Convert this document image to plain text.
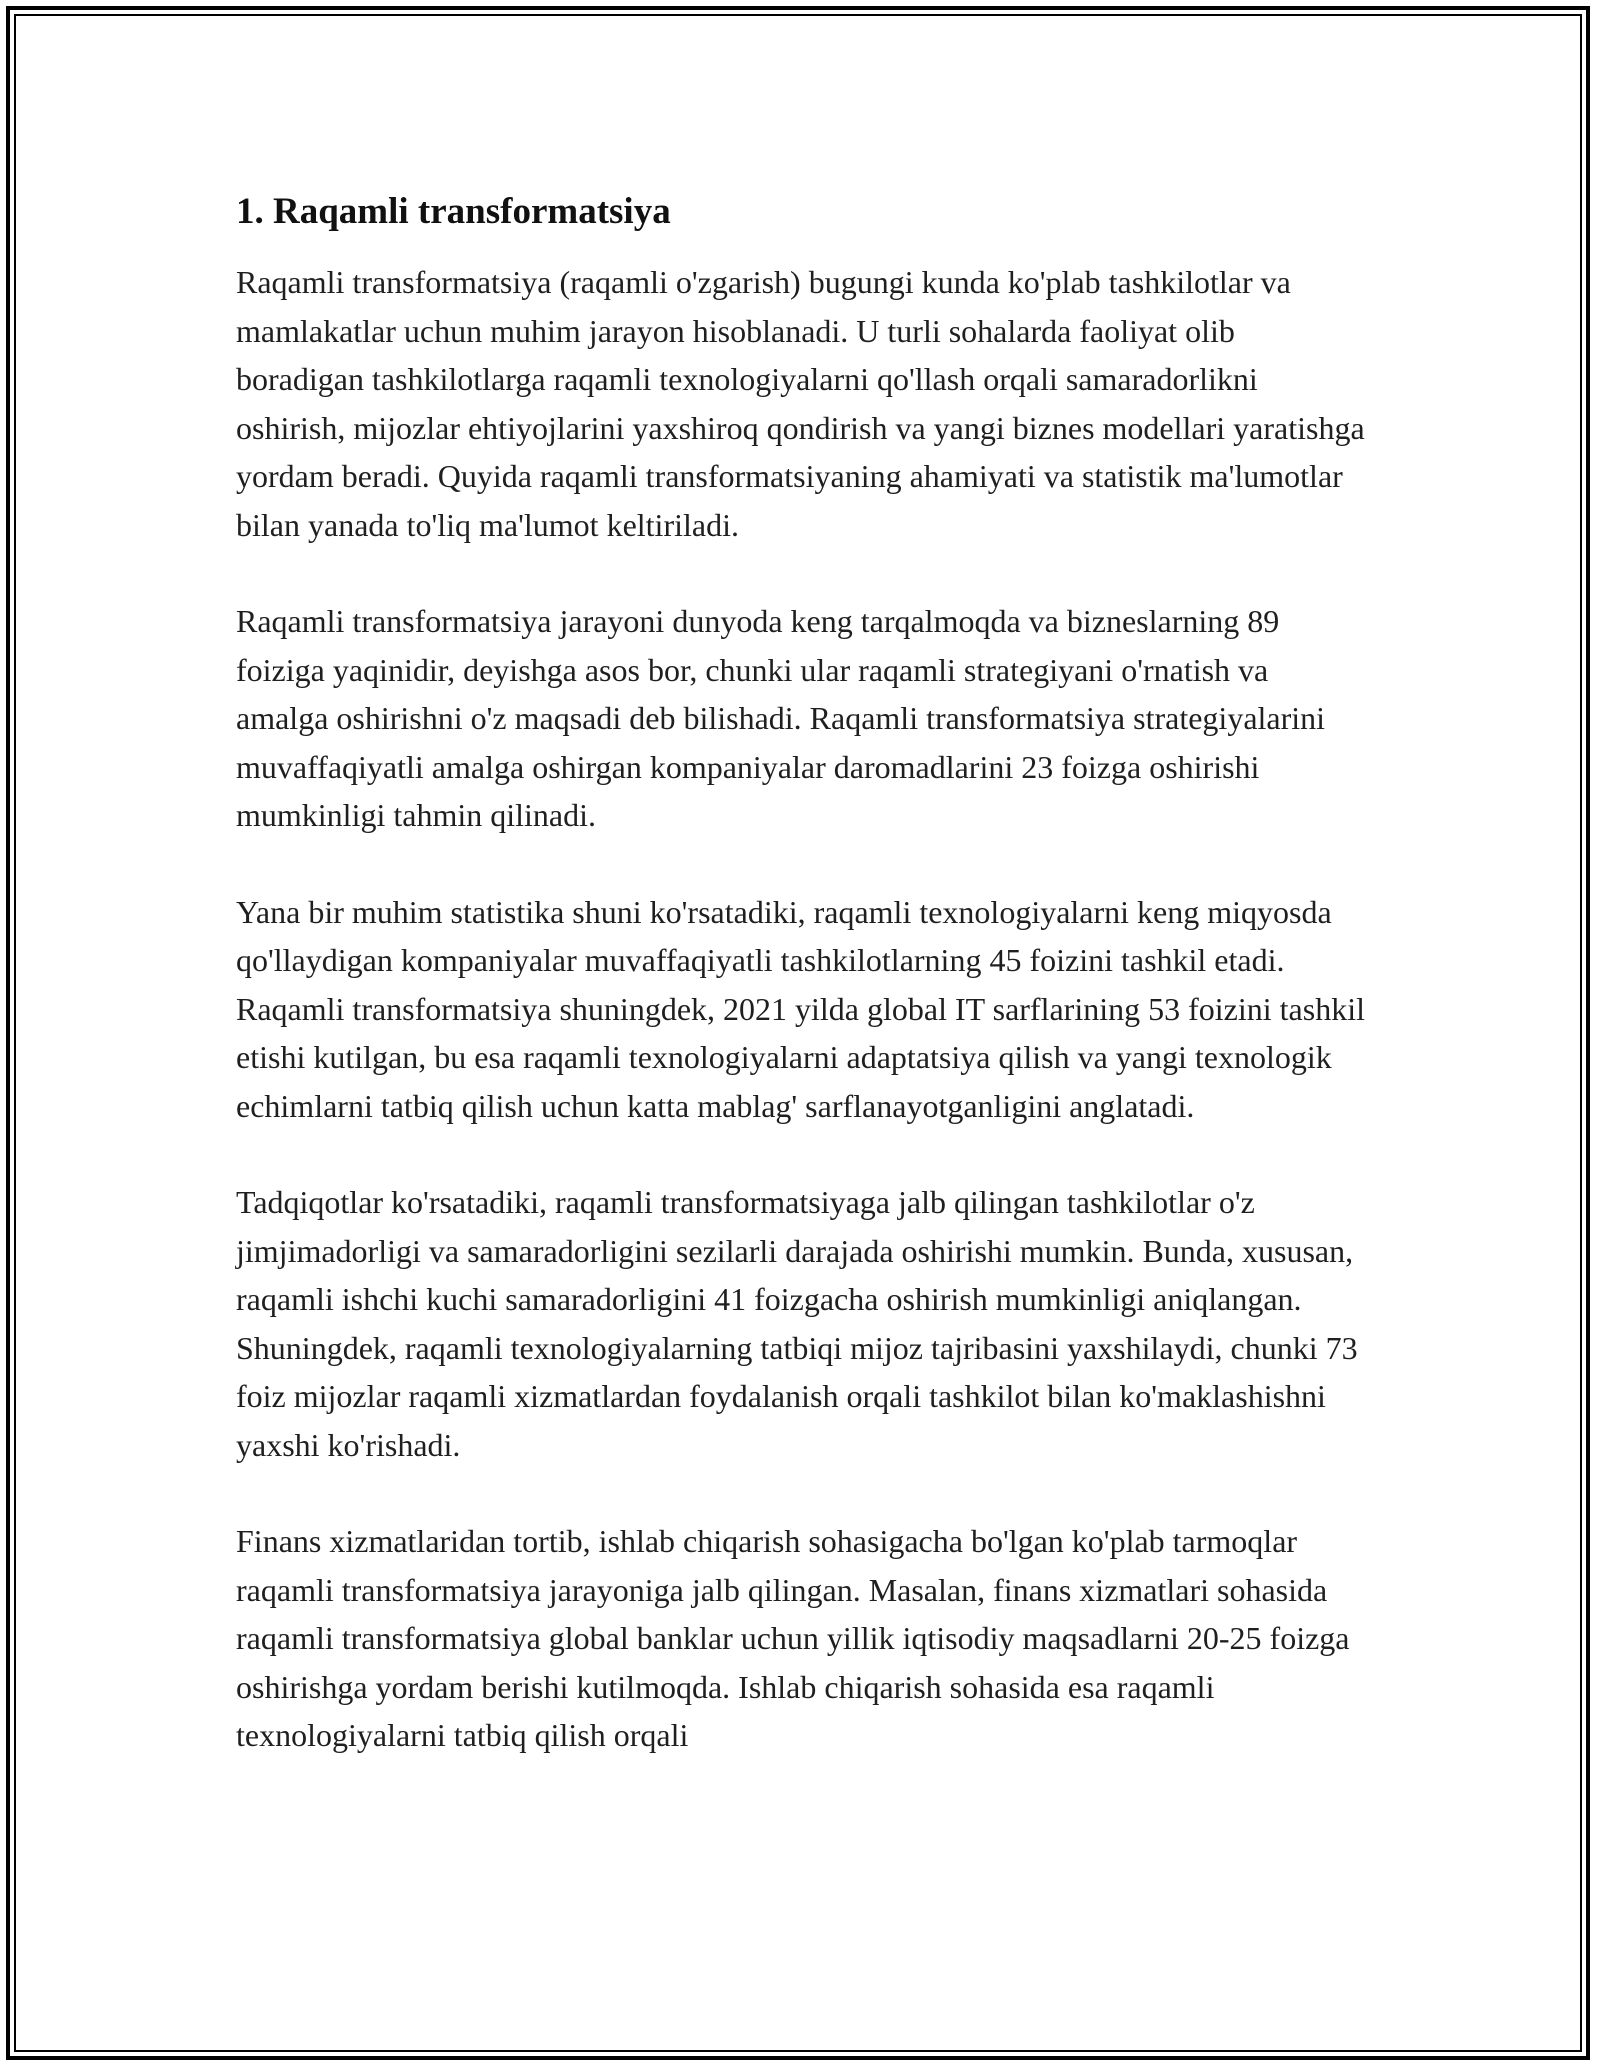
1. Raqamli transformatsiya

Raqamli transformatsiya (raqamli o'zgarish) bugungi kunda ko'plab tashkilotlar va mamlakatlar uchun muhim jarayon hisoblanadi. U turli sohalarda faoliyat olib boradigan tashkilotlarga raqamli texnologiyalarni qo'llash orqali samaradorlikni oshirish, mijozlar ehtiyojlarini yaxshiroq qondirish va yangi biznes modellari yaratishga yordam beradi. Quyida raqamli transformatsiyaning ahamiyati va statistik ma'lumotlar bilan yanada to'liq ma'lumot keltiriladi.

Raqamli transformatsiya jarayoni dunyoda keng tarqalmoqda va bizneslarning 89 foiziga yaqinidir, deyishga asos bor, chunki ular raqamli strategiyani o'rnatish va amalga oshirishni o'z maqsadi deb bilishadi. Raqamli transformatsiya strategiyalarini muvaffaqiyatli amalga oshirgan kompaniyalar daromadlarini 23 foizga oshirishi mumkinligi tahmin qilinadi.

Yana bir muhim statistika shuni ko'rsatadiki, raqamli texnologiyalarni keng miqyosda qo'llaydigan kompaniyalar muvaffaqiyatli tashkilotlarning 45 foizini tashkil etadi. Raqamli transformatsiya shuningdek, 2021 yilda global IT sarflarining 53 foizini tashkil etishi kutilgan, bu esa raqamli texnologiyalarni adaptatsiya qilish va yangi texnologik echimlarni tatbiq qilish uchun katta mablag' sarflanayotganligini anglatadi.

Tadqiqotlar ko'rsatadiki, raqamli transformatsiyaga jalb qilingan tashkilotlar o'z jimjimadorligi va samaradorligini sezilarli darajada oshirishi mumkin. Bunda, xususan, raqamli ishchi kuchi samaradorligini 41 foizgacha oshirish mumkinligi aniqlangan. Shuningdek, raqamli texnologiyalarning tatbiqi mijoz tajribasini yaxshilaydi, chunki 73 foiz mijozlar raqamli xizmatlardan foydalanish orqali tashkilot bilan ko'maklashishni yaxshi ko'rishadi.

Finans xizmatlaridan tortib, ishlab chiqarish sohasigacha bo'lgan ko'plab tarmoqlar raqamli transformatsiya jarayoniga jalb qilingan. Masalan, finans xizmatlari sohasida raqamli transformatsiya global banklar uchun yillik iqtisodiy maqsadlarni 20-25 foizga oshirishga yordam berishi kutilmoqda. Ishlab chiqarish sohasida esa raqamli texnologiyalarni tatbiq qilish orqali
